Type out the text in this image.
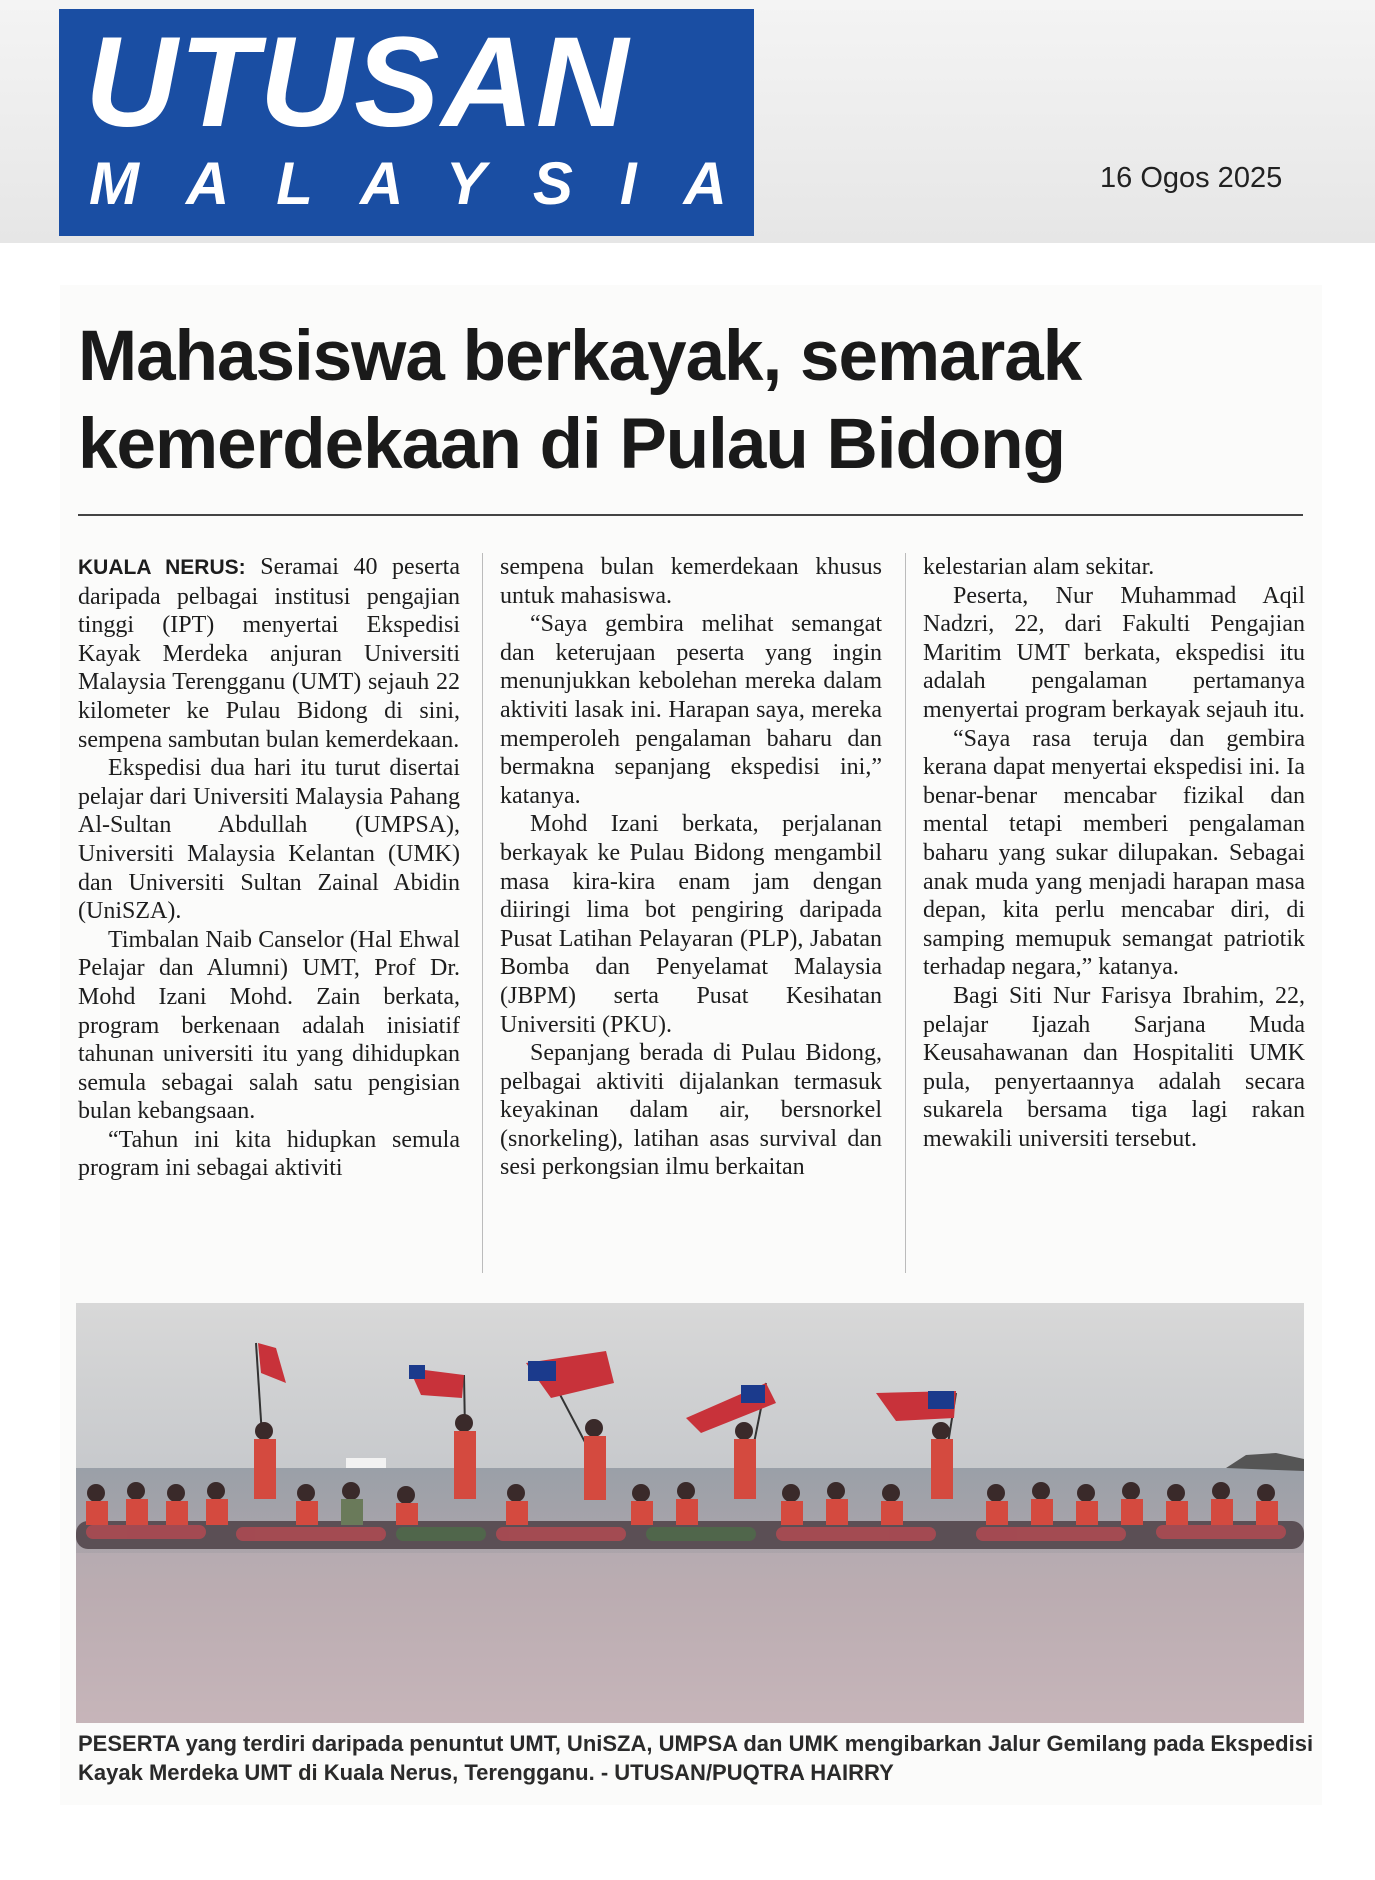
UTUSAN
MALAYSIA	16 Ogos 2025
Mahasiswa berkayak, semarak
kemerdekaan di Pulau Bidong

KUALA NERUS: Seramai 40 peserta daripada pelbagai institusi pengajian tinggi (IPT) menyertai Ekspedisi Kayak Merdeka anjuran Universiti Malaysia Terengganu (UMT) sejauh 22 kilometer ke Pulau Bidong di sini, sempena sambutan bulan kemerdekaan.

Ekspedisi dua hari itu turut disertai pelajar dari Universiti Malaysia Pahang Al-Sultan Abdullah (UMPSA), Universiti Malaysia Kelantan (UMK) dan Universiti Sultan Zainal Abidin (UniSZA).

Timbalan Naib Canselor (Hal Ehwal Pelajar dan Alumni) UMT, Prof Dr. Mohd Izani Mohd. Zain berkata, program berkenaan adalah inisiatif tahunan universiti itu yang dihidupkan semula sebagai salah satu pengisian bulan kebangsaan.

“Tahun ini kita hidupkan semula program ini sebagai aktiviti

sempena bulan kemerdekaan khusus untuk mahasiswa.

“Saya gembira melihat semangat dan keterujaan peserta yang ingin menunjukkan kebolehan mereka dalam aktiviti lasak ini. Harapan saya, mereka memperoleh pengalaman baharu dan bermakna sepanjang ekspedisi ini,” katanya.

Mohd Izani berkata, perjalanan berkayak ke Pulau Bidong mengambil masa kira-kira enam jam dengan diiringi lima bot pengiring daripada Pusat Latihan Pelayaran (PLP), Jabatan Bomba dan Penyelamat Malaysia (JBPM) serta Pusat Kesihatan Universiti (PKU).

Sepanjang berada di Pulau Bidong, pelbagai aktiviti dijalankan termasuk keyakinan dalam air, bersnorkel (snorkeling), latihan asas survival dan sesi perkongsian ilmu berkaitan

kelestarian alam sekitar.

Peserta, Nur Muhammad Aqil Nadzri, 22, dari Fakulti Pengajian Maritim UMT berkata, ekspedisi itu adalah pengalaman pertamanya menyertai program berkayak sejauh itu.

“Saya rasa teruja dan gembira kerana dapat menyertai ekspedisi ini. Ia benar-benar mencabar fizikal dan mental tetapi memberi pengalaman baharu yang sukar dilupakan. Sebagai anak muda yang menjadi harapan masa depan, kita perlu mencabar diri, di samping memupuk semangat patriotik terhadap negara,” katanya.

Bagi Siti Nur Farisya Ibrahim, 22, pelajar Ijazah Sarjana Muda Keusahawanan dan Hospitaliti UMK pula, penyertaannya adalah secara sukarela bersama tiga lagi rakan mewakili universiti tersebut.

PESERTA yang terdiri daripada penuntut UMT, UniSZA, UMPSA dan UMK mengibarkan Jalur Gemilang pada Ekspedisi Kayak Merdeka UMT di Kuala Nerus, Terengganu. - UTUSAN/PUQTRA HAIRRY
